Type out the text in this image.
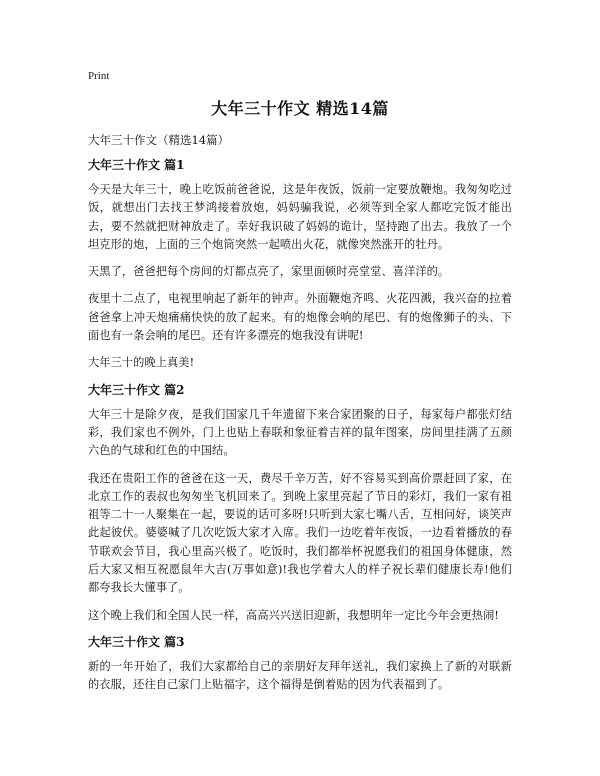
Print
大年三十作文 精选14篇

大年三十作文（精选14篇）

大年三十作文 篇1

今天是大年三十，晚上吃饭前爸爸说，这是年夜饭，饭前一定要放鞭炮。我匆匆吃过饭，就想出门去找王梦鸿接着放炮，妈妈骗我说，必须等到全家人都吃完饭才能出去，要不然就把财神放走了。幸好我识破了妈妈的诡计，坚持跑了出去。我放了一个坦克形的炮，上面的三个炮筒突然一起喷出火花，就像突然涨开的牡丹。

天黑了，爸爸把每个房间的灯都点亮了，家里面顿时亮堂堂、喜洋洋的。

夜里十二点了，电视里响起了新年的钟声。外面鞭炮齐鸣、火花四溅，我兴奋的拉着爸爸拿上冲天炮痛痛快快的放了起来。有的炮像会响的尾巴、有的炮像狮子的头、下面也有一条会响的尾巴。还有许多漂亮的炮我没有讲呢!

大年三十的晚上真美!

大年三十作文 篇2

大年三十是除夕夜，是我们国家几千年遗留下来合家团聚的日子，每家每户都张灯结彩，我们家也不例外，门上也贴上春联和象征着吉祥的鼠年图案，房间里挂满了五颜六色的气球和红色的中国结。

我还在贵阳工作的爸爸在这一天，费尽千辛万苦，好不容易买到高价票赶回了家，在北京工作的表叔也匆匆坐飞机回来了。到晚上家里亮起了节日的彩灯，我们一家有祖祖等二十一人聚集在一起，要说的话可多呀!只听到大家七嘴八舌，互相问好，谈笑声此起彼伏。婆婆喊了几次吃饭大家才入席。我们一边吃着年夜饭，一边看着播放的春节联欢会节目，我心里高兴极了。吃饭时，我们都举杯祝愿我们的祖国身体健康，然后大家又相互祝愿鼠年大吉(万事如意)!我也学着大人的样子祝长辈们健康长寿!他们都夸我长大懂事了。

这个晚上我们和全国人民一样，高高兴兴送旧迎新，我想明年一定比今年会更热闹!

大年三十作文 篇3

新的一年开始了，我们大家都给自己的亲朋好友拜年送礼，我们家换上了新的对联新的衣服，还往自己家门上贴福字，这个福得是倒着贴的因为代表福到了。
